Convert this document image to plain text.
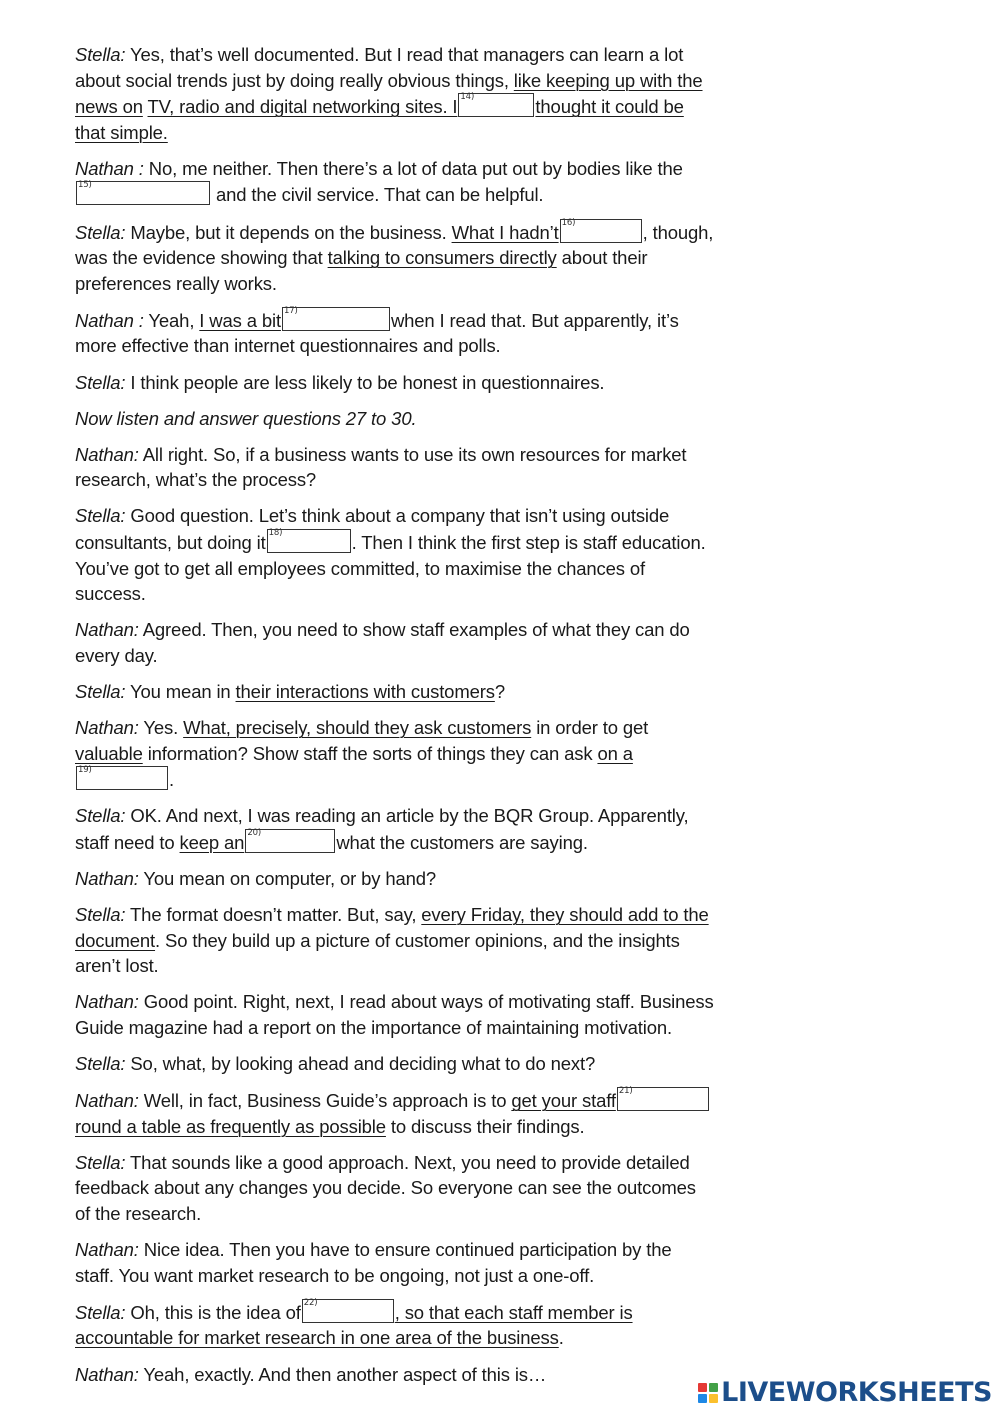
Stella: Yes, that’s well documented. But I read that managers can learn a lot about social trends just by doing really obvious things, like keeping up with the news on TV, radio and digital networking sites. I 14)	thought it could be that simple.

Nathan : No, me neither. Then there’s a lot of data put out by bodies like the
15)	and the civil service. That can be helpful.

Stella: Maybe, but it depends on the business. What I hadn’t 16)	, though, was the evidence showing that talking to consumers directly about their preferences really works.

Nathan : Yeah, I was a bit 17)	when I read that. But apparently, it’s more effective than internet questionnaires and polls.

Stella: I think people are less likely to be honest in questionnaires.

Now listen and answer questions 27 to 30.

Nathan: All right. So, if a business wants to use its own resources for market research, what’s the process?

Stella: Good question. Let’s think about a company that isn’t using outside consultants, but doing it 18)	. Then I think the first step is staff education. You’ve got to get all employees committed, to maximise the chances of success.

Nathan: Agreed. Then, you need to show staff examples of what they can do every day.

Stella: You mean in their interactions with customers?

Nathan: Yes. What, precisely, should they ask customers in order to get valuable information? Show staff the sorts of things they can ask on a
19)	.

Stella: OK. And next, I was reading an article by the BQR Group. Apparently, staff need to keep an 20)	what the customers are saying.

Nathan: You mean on computer, or by hand?

Stella: The format doesn’t matter. But, say, every Friday, they should add to the document. So they build up a picture of customer opinions, and the insights aren’t lost.

Nathan: Good point. Right, next, I read about ways of motivating staff. Business Guide magazine had a report on the importance of maintaining motivation.

Stella: So, what, by looking ahead and deciding what to do next?

Nathan: Well, in fact, Business Guide’s approach is to get your staff 21)
round a table as frequently as possible to discuss their findings.

Stella: That sounds like a good approach. Next, you need to provide detailed feedback about any changes you decide. So everyone can see the outcomes of the research.

Nathan: Nice idea. Then you have to ensure continued participation by the staff. You want market research to be ongoing, not just a one-off.

Stella: Oh, this is the idea of 22)	, so that each staff member is accountable for market research in one area of the business.

Nathan: Yeah, exactly. And then another aspect of this is…

LIVEWORKSHEETS
